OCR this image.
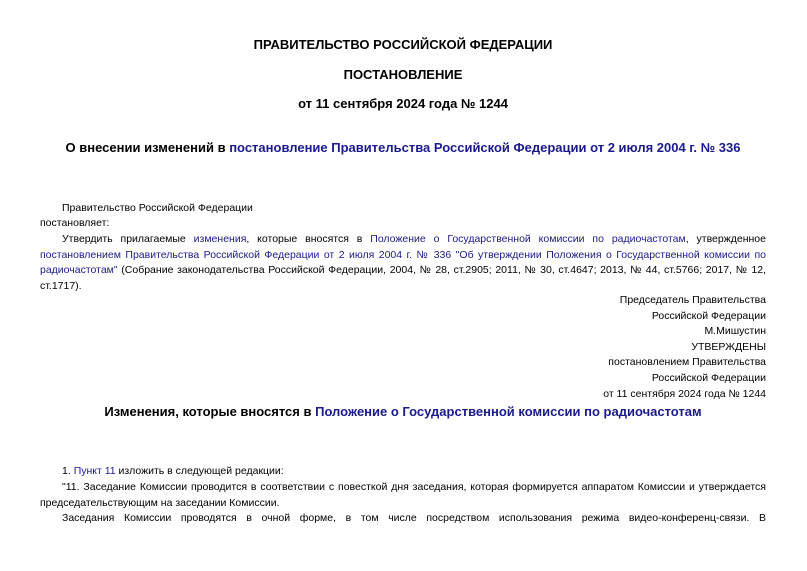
ПРАВИТЕЛЬСТВО РОССИЙСКОЙ ФЕДЕРАЦИИ

ПОСТАНОВЛЕНИЕ

от 11 сентября 2024 года № 1244

О внесении изменений в постановление Правительства Российской Федерации от 2 июля 2004 г. № 336

Правительство Российской Федерации

постановляет:

Утвердить прилагаемые изменения, которые вносятся в Положение о Государственной комиссии по радиочастотам, утвержденное постановлением Правительства Российской Федерации от 2 июля 2004 г. № 336 "Об утверждении Положения о Государственной комиссии по радиочастотам" (Собрание законодательства Российской Федерации, 2004, № 28, ст.2905; 2011, № 30, ст.4647; 2013, № 44, ст.5766; 2017, № 12, ст.1717).

Председатель Правительства
Российской Федерации
М.Мишустин
УТВЕРЖДЕНЫ
постановлением Правительства
Российской Федерации
от 11 сентября 2024 года № 1244

Изменения, которые вносятся в Положение о Государственной комиссии по радиочастотам

1. Пункт 11 изложить в следующей редакции:

"11. Заседание Комиссии проводится в соответствии с повесткой дня заседания, которая формируется аппаратом Комиссии и утверждается председательствующим на заседании Комиссии.

Заседания Комиссии проводятся в очной форме, в том числе посредством использования режима видео-конференц-связи. В
